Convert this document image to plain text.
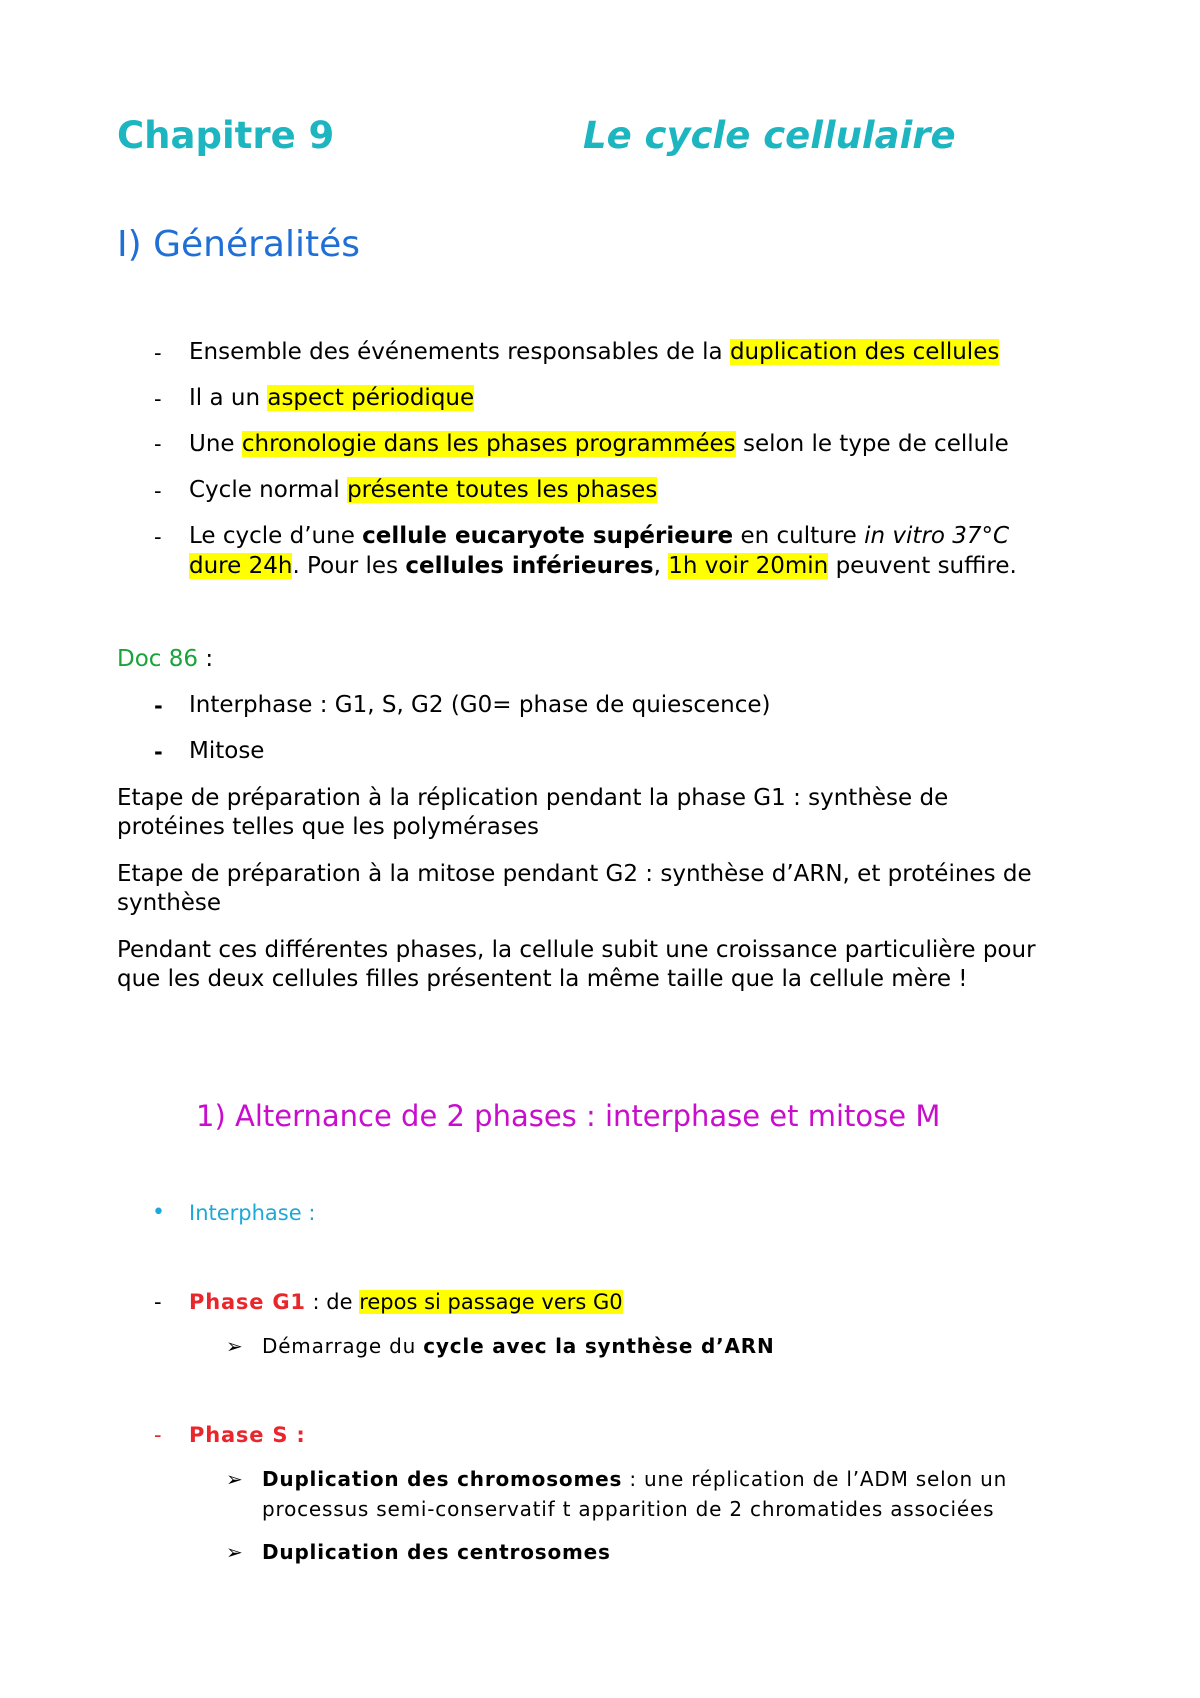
Chapitre 9	Le cycle cellulaire
I) Généralités
- Ensemble des événements responsables de la duplication des cellules
- Il a un aspect périodique
- Une chronologie dans les phases programmées selon le type de cellule
- Cycle normal présente toutes les phases
- Le cycle d’une cellule eucaryote supérieure en culture in vitro 37°C
dure 24h. Pour les cellules inférieures, 1h voir 20min peuvent suffire.
Doc 86 :
- Interphase : G1, S, G2 (G0= phase de quiescence)
- Mitose
Etape de préparation à la réplication pendant la phase G1 : synthèse de
protéines telles que les polymérases
Etape de préparation à la mitose pendant G2 : synthèse d’ARN, et protéines de
synthèse
Pendant ces différentes phases, la cellule subit une croissance particulière pour
que les deux cellules filles présentent la même taille que la cellule mère !
1) Alternance de 2 phases : interphase et mitose M
• Interphase :
- Phase G1 : de repos si passage vers G0
➢ Démarrage du cycle avec la synthèse d’ARN
- Phase S :
➢ Duplication des chromosomes : une réplication de l’ADM selon un
processus semi-conservatif t apparition de 2 chromatides associées
➢ Duplication des centrosomes
